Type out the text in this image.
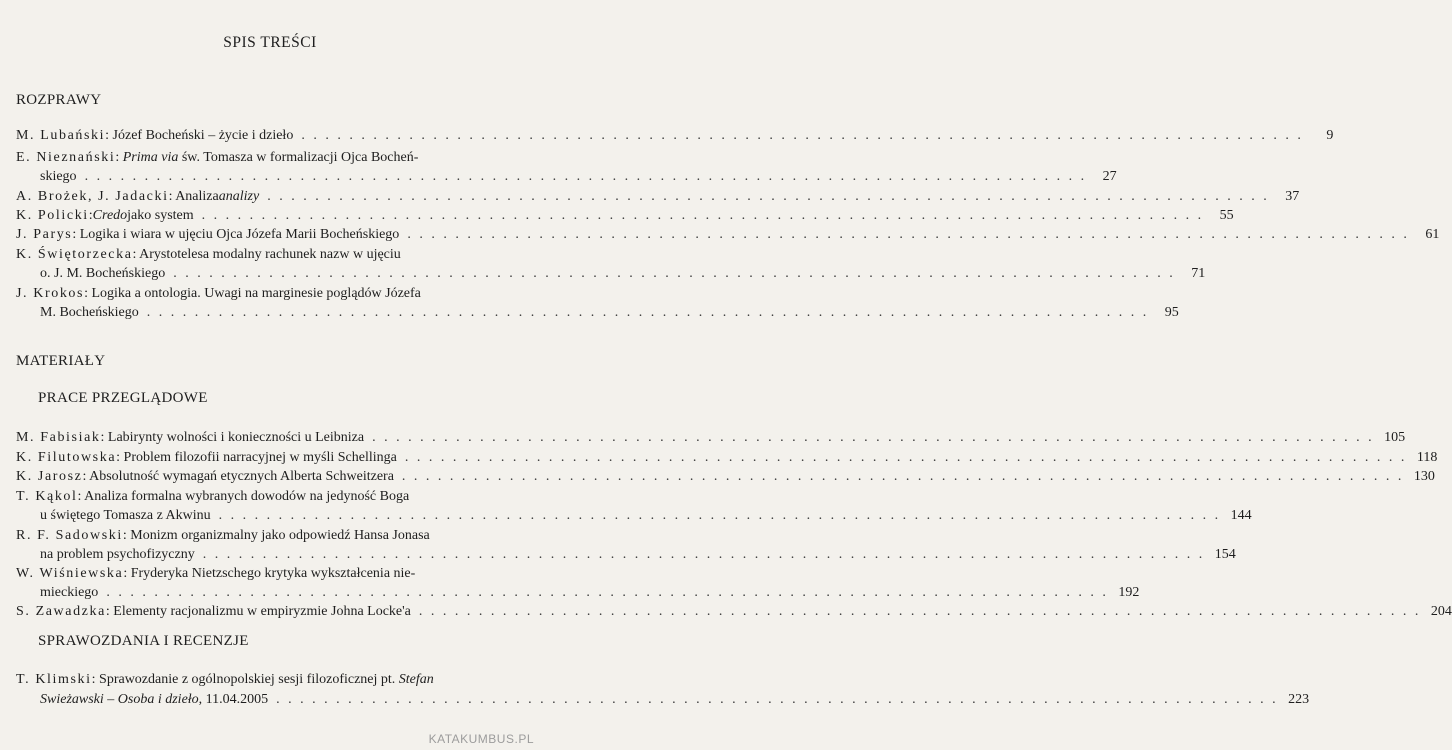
SPIS TREŚCI
ROZPRAWY
M. Lubański : Józef Bocheński – życie i dzieło . . . . . . . . . . . . . . . . . . . . . . . . . . . . . . . . . . . . . . . . . . . . . . . . . . . . . . . . . . . . . . . . . . . . . . . . . . . . . . . . . . . .	9
E. Nieznański: Prima via św. Tomasza w formalizacji Ojca Bocheń-
skiego . . . . . . . . . . . . . . . . . . . . . . . . . . . . . . . . . . . . . . . . . . . . . . . . . . . . . . . . . . . . . . . . . . . . . . . . . . . . . . . . . . . .	27
A. Brożek, J. Jadacki : Analiza analizy . . . . . . . . . . . . . . . . . . . . . . . . . . . . . . . . . . . . . . . . . . . . . . . . . . . . . . . . . . . . . . . . . . . . . . . . . . . . . . . . . . . .	37
K. Policki : Credo jako system . . . . . . . . . . . . . . . . . . . . . . . . . . . . . . . . . . . . . . . . . . . . . . . . . . . . . . . . . . . . . . . . . . . . . . . . . . . . . . . . . . . .	55
J. Parys : Logika i wiara w ujęciu Ojca Józefa Marii Bocheńskiego . . . . . . . . . . . . . . . . . . . . . . . . . . . . . . . . . . . . . . . . . . . . . . . . . . . . . . . . . . . . . . . . . . . . . . . . . . . . . . . . . . . .	61
K. Świętorzecka: Arystotelesa modalny rachunek nazw w ujęciu
o. J. M. Bocheńskiego . . . . . . . . . . . . . . . . . . . . . . . . . . . . . . . . . . . . . . . . . . . . . . . . . . . . . . . . . . . . . . . . . . . . . . . . . . . . . . . . . . . .	71
J. Krokos: Logika a ontologia. Uwagi na marginesie poglądów Józefa
M. Bocheńskiego . . . . . . . . . . . . . . . . . . . . . . . . . . . . . . . . . . . . . . . . . . . . . . . . . . . . . . . . . . . . . . . . . . . . . . . . . . . . . . . . . . . .	95
MATERIAŁY
PRACE PRZEGLĄDOWE
M. Fabisiak : Labirynty wolności i konieczności u Leibniza . . . . . . . . . . . . . . . . . . . . . . . . . . . . . . . . . . . . . . . . . . . . . . . . . . . . . . . . . . . . . . . . . . . . . . . . . . . . . . . . . . . . 105
K. Filutowska : Problem filozofii narracyjnej w myśli Schellinga . . . . . . . . . . . . . . . . . . . . . . . . . . . . . . . . . . . . . . . . . . . . . . . . . . . . . . . . . . . . . . . . . . . . . . . . . . . . . . . . . . . . 118
K. Jarosz : Absolutność wymagań etycznych Alberta Schweitzera . . . . . . . . . . . . . . . . . . . . . . . . . . . . . . . . . . . . . . . . . . . . . . . . . . . . . . . . . . . . . . . . . . . . . . . . . . . . . . . . . . . . 130
T. Kąkol: Analiza formalna wybranych dowodów na jedyność Boga
u świętego Tomasza z Akwinu . . . . . . . . . . . . . . . . . . . . . . . . . . . . . . . . . . . . . . . . . . . . . . . . . . . . . . . . . . . . . . . . . . . . . . . . . . . . . . . . . . . . 144
R. F. Sadowski: Monizm organizmalny jako odpowiedź Hansa Jonasa
na problem psychofizyczny . . . . . . . . . . . . . . . . . . . . . . . . . . . . . . . . . . . . . . . . . . . . . . . . . . . . . . . . . . . . . . . . . . . . . . . . . . . . . . . . . . . . 154
W. Wiśniewska: Fryderyka Nietzschego krytyka wykształcenia nie-
mieckiego . . . . . . . . . . . . . . . . . . . . . . . . . . . . . . . . . . . . . . . . . . . . . . . . . . . . . . . . . . . . . . . . . . . . . . . . . . . . . . . . . . . . 192
S. Zawadzka : Elementy racjonalizmu w empiryzmie Johna Locke'a . . . . . . . . . . . . . . . . . . . . . . . . . . . . . . . . . . . . . . . . . . . . . . . . . . . . . . . . . . . . . . . . . . . . . . . . . . . . . . . . . . . . 204
SPRAWOZDANIA I RECENZJE
T. Klimski: Sprawozdanie z ogólnopolskiej sesji filozoficznej pt. Stefan
Swieżawski – Osoba i dzieło , 11.04.2005 . . . . . . . . . . . . . . . . . . . . . . . . . . . . . . . . . . . . . . . . . . . . . . . . . . . . . . . . . . . . . . . . . . . . . . . . . . . . . . . . . . . . 223
KATAKUMBUS.PL
